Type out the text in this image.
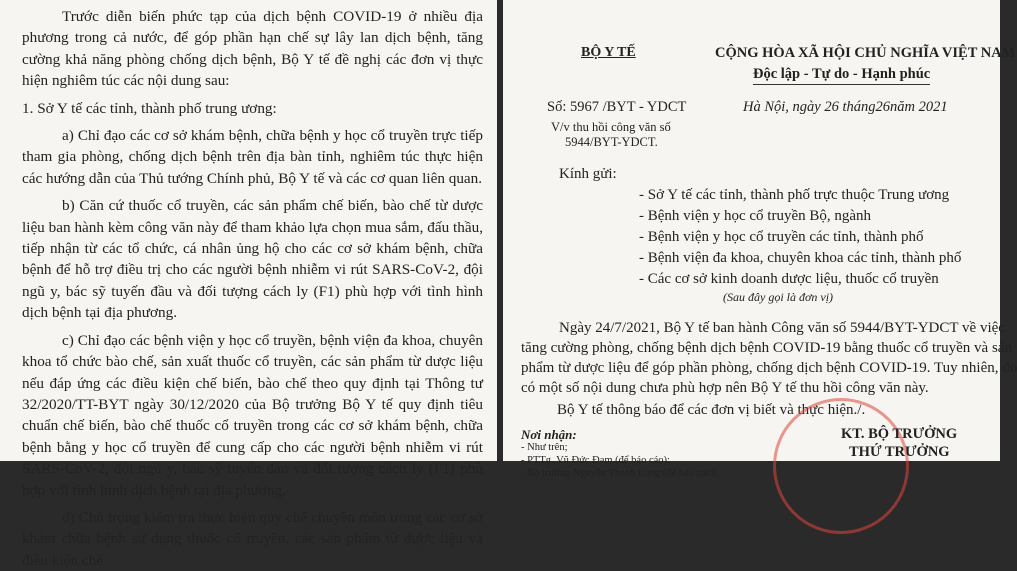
Trước diễn biến phức tạp của dịch bệnh COVID-19 ở nhiều địa phương trong cả nước, để góp phần hạn chế sự lây lan dịch bệnh, tăng cường khả năng phòng chống dịch bệnh, Bộ Y tế đề nghị các đơn vị thực hiện nghiêm túc các nội dung sau:

1. Sở Y tế các tỉnh, thành phố trung ương:

a) Chỉ đạo các cơ sở khám bệnh, chữa bệnh y học cổ truyền trực tiếp tham gia phòng, chống dịch bệnh trên địa bàn tỉnh, nghiêm túc thực hiện các hướng dẫn của Thủ tướng Chính phủ, Bộ Y tế và các cơ quan liên quan.

b) Căn cứ thuốc cổ truyền, các sản phẩm chế biến, bào chế từ dược liệu ban hành kèm công văn này để tham khảo lựa chọn mua sắm, đấu thầu, tiếp nhận từ các tổ chức, cá nhân ủng hộ cho các cơ sở khám bệnh, chữa bệnh để hỗ trợ điều trị cho các người bệnh nhiễm vi rút SARS-CoV-2, đội ngũ y, bác sỹ tuyến đầu và đối tượng cách ly (F1) phù hợp với tình hình dịch bệnh tại địa phương.

c) Chỉ đạo các bệnh viện y học cổ truyền, bệnh viện đa khoa, chuyên khoa tổ chức bào chế, sản xuất thuốc cổ truyền, các sản phẩm từ dược liệu nếu đáp ứng các điều kiện chế biến, bào chế theo quy định tại Thông tư 32/2020/TT-BYT ngày 30/12/2020 của Bộ trưởng Bộ Y tế quy định tiêu chuẩn chế biến, bào chế thuốc cổ truyền trong các cơ sở khám bệnh, chữa bệnh bằng y học cổ truyền để cung cấp cho các người bệnh nhiễm vi rút SARS-CoV-2, đội ngũ y, bác sỹ tuyến đầu và đối tượng cách ly (F1) phù hợp với tình hình dịch bệnh tại địa phương.

d) Chủ trọng kiểm tra thực hiện quy chế chuyên môn trong các cơ sở khám chữa bệnh sử dụng thuốc cổ truyền, các sản phẩm từ dược liệu và điều kiện chế

BỘ Y TẾ	CỘNG HÒA XÃ HỘI CHỦ NGHĨA VIỆT NAM
Độc lập - Tự do - Hạnh phúc
Số: 5967 /BYT - YDCT	Hà Nội, ngày 26 tháng26năm 2021
V/v thu hồi công văn số
5944/BYT-YDCT.
Kính gửi:
- Sở Y tế các tỉnh, thành phố trực thuộc Trung ương
- Bệnh viện y học cổ truyền Bộ, ngành
- Bệnh viện y học cổ truyền các tỉnh, thành phố
- Bệnh viện đa khoa, chuyên khoa các tỉnh, thành phố
- Các cơ sở kinh doanh dược liệu, thuốc cổ truyền
(Sau đây gọi là đơn vị)
Ngày 24/7/2021, Bộ Y tế ban hành Công văn số 5944/BYT-YDCT về việc
tăng cường phòng, chống bệnh dịch bệnh COVID-19 bằng thuốc cổ truyền và sản
phẩm từ dược liệu để góp phần phòng, chống dịch bệnh COVID-19. Tuy nhiên, do
có một số nội dung chưa phù hợp nên Bộ Y tế thu hồi công văn này.
Bộ Y tế thông báo để các đơn vị biết và thực hiện./.
Nơi nhận:
- Như trên;
- PTTg. Vũ Đức Đam (để báo cáo);
- Bộ trưởng Nguyễn Thanh Long (để báo cáo);
KT. BỘ TRƯỞNG
THỨ TRƯỞNG
